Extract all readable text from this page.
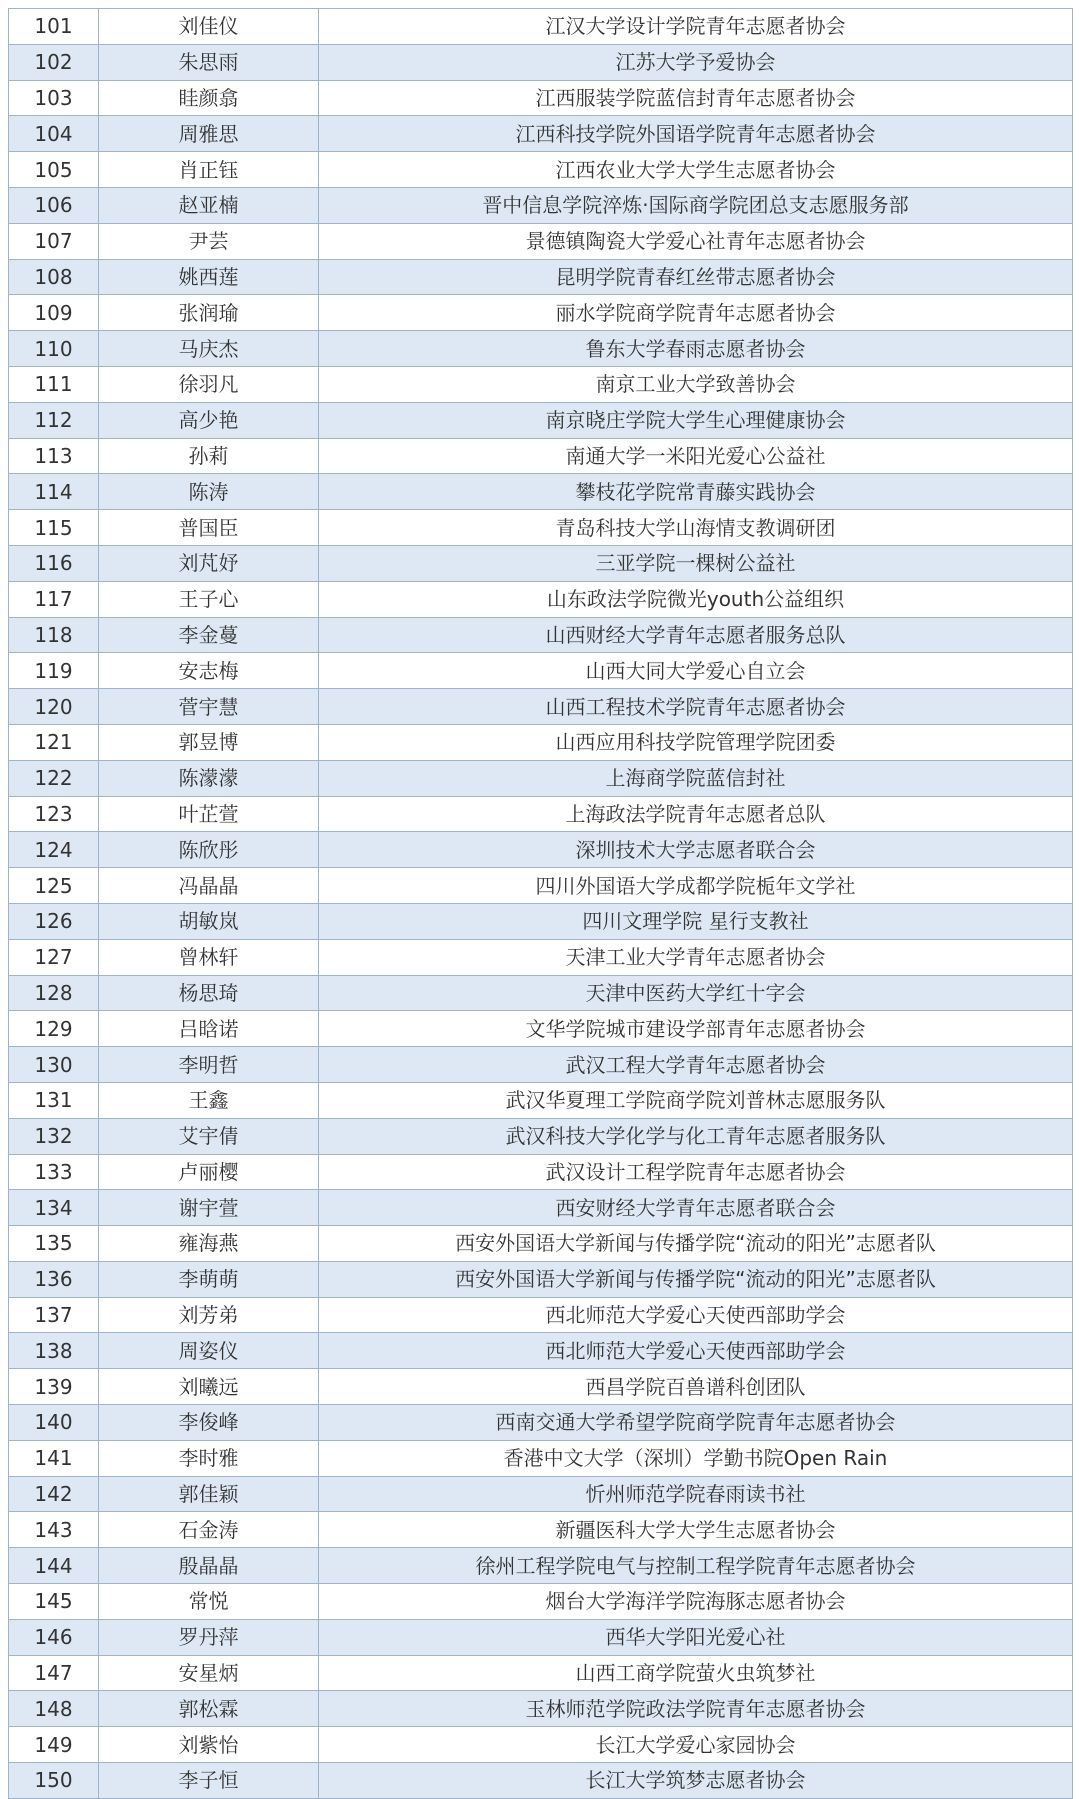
101	刘佳仪	江汉大学设计学院青年志愿者协会
102	朱思雨	江苏大学予爱协会
103	眭颜翕	江西服装学院蓝信封青年志愿者协会
104	周雅思	江西科技学院外国语学院青年志愿者协会
105	肖正钰	江西农业大学大学生志愿者协会
106	赵亚楠	晋中信息学院淬炼·国际商学院团总支志愿服务部
107	尹芸	景德镇陶瓷大学爱心社青年志愿者协会
108	姚西莲	昆明学院青春红丝带志愿者协会
109	张润瑜	丽水学院商学院青年志愿者协会
110	马庆杰	鲁东大学春雨志愿者协会
111	徐羽凡	南京工业大学致善协会
112	高少艳	南京晓庄学院大学生心理健康协会
113	孙莉	南通大学一米阳光爱心公益社
114	陈涛	攀枝花学院常青藤实践协会
115	普国臣	青岛科技大学山海情支教调研团
116	刘芃妤	三亚学院一棵树公益社
117	王子心	山东政法学院微光youth公益组织
118	李金蔓	山西财经大学青年志愿者服务总队
119	安志梅	山西大同大学爱心自立会
120	菅宇慧	山西工程技术学院青年志愿者协会
121	郭昱博	山西应用科技学院管理学院团委
122	陈濛濛	上海商学院蓝信封社
123	叶芷萱	上海政法学院青年志愿者总队
124	陈欣彤	深圳技术大学志愿者联合会
125	冯晶晶	四川外国语大学成都学院栀年文学社
126	胡敏岚	四川文理学院 星行支教社
127	曾林轩	天津工业大学青年志愿者协会
128	杨思琦	天津中医药大学红十字会
129	吕晗诺	文华学院城市建设学部青年志愿者协会
130	李明哲	武汉工程大学青年志愿者协会
131	王鑫	武汉华夏理工学院商学院刘普林志愿服务队
132	艾宇倩	武汉科技大学化学与化工青年志愿者服务队
133	卢丽樱	武汉设计工程学院青年志愿者协会
134	谢宇萱	西安财经大学青年志愿者联合会
135	雍海燕	西安外国语大学新闻与传播学院“流动的阳光”志愿者队
136	李萌萌	西安外国语大学新闻与传播学院“流动的阳光”志愿者队
137	刘芳弟	西北师范大学爱心天使西部助学会
138	周姿仪	西北师范大学爱心天使西部助学会
139	刘曦远	西昌学院百兽谱科创团队
140	李俊峰	西南交通大学希望学院商学院青年志愿者协会
141	李时雅	香港中文大学（深圳）学勤书院Open Rain
142	郭佳颖	忻州师范学院春雨读书社
143	石金涛	新疆医科大学大学生志愿者协会
144	殷晶晶	徐州工程学院电气与控制工程学院青年志愿者协会
145	常悦	烟台大学海洋学院海豚志愿者协会
146	罗丹萍	西华大学阳光爱心社
147	安星炳	山西工商学院萤火虫筑梦社
148	郭松霖	玉林师范学院政法学院青年志愿者协会
149	刘紫怡	长江大学爱心家园协会
150	李子恒	长江大学筑梦志愿者协会
